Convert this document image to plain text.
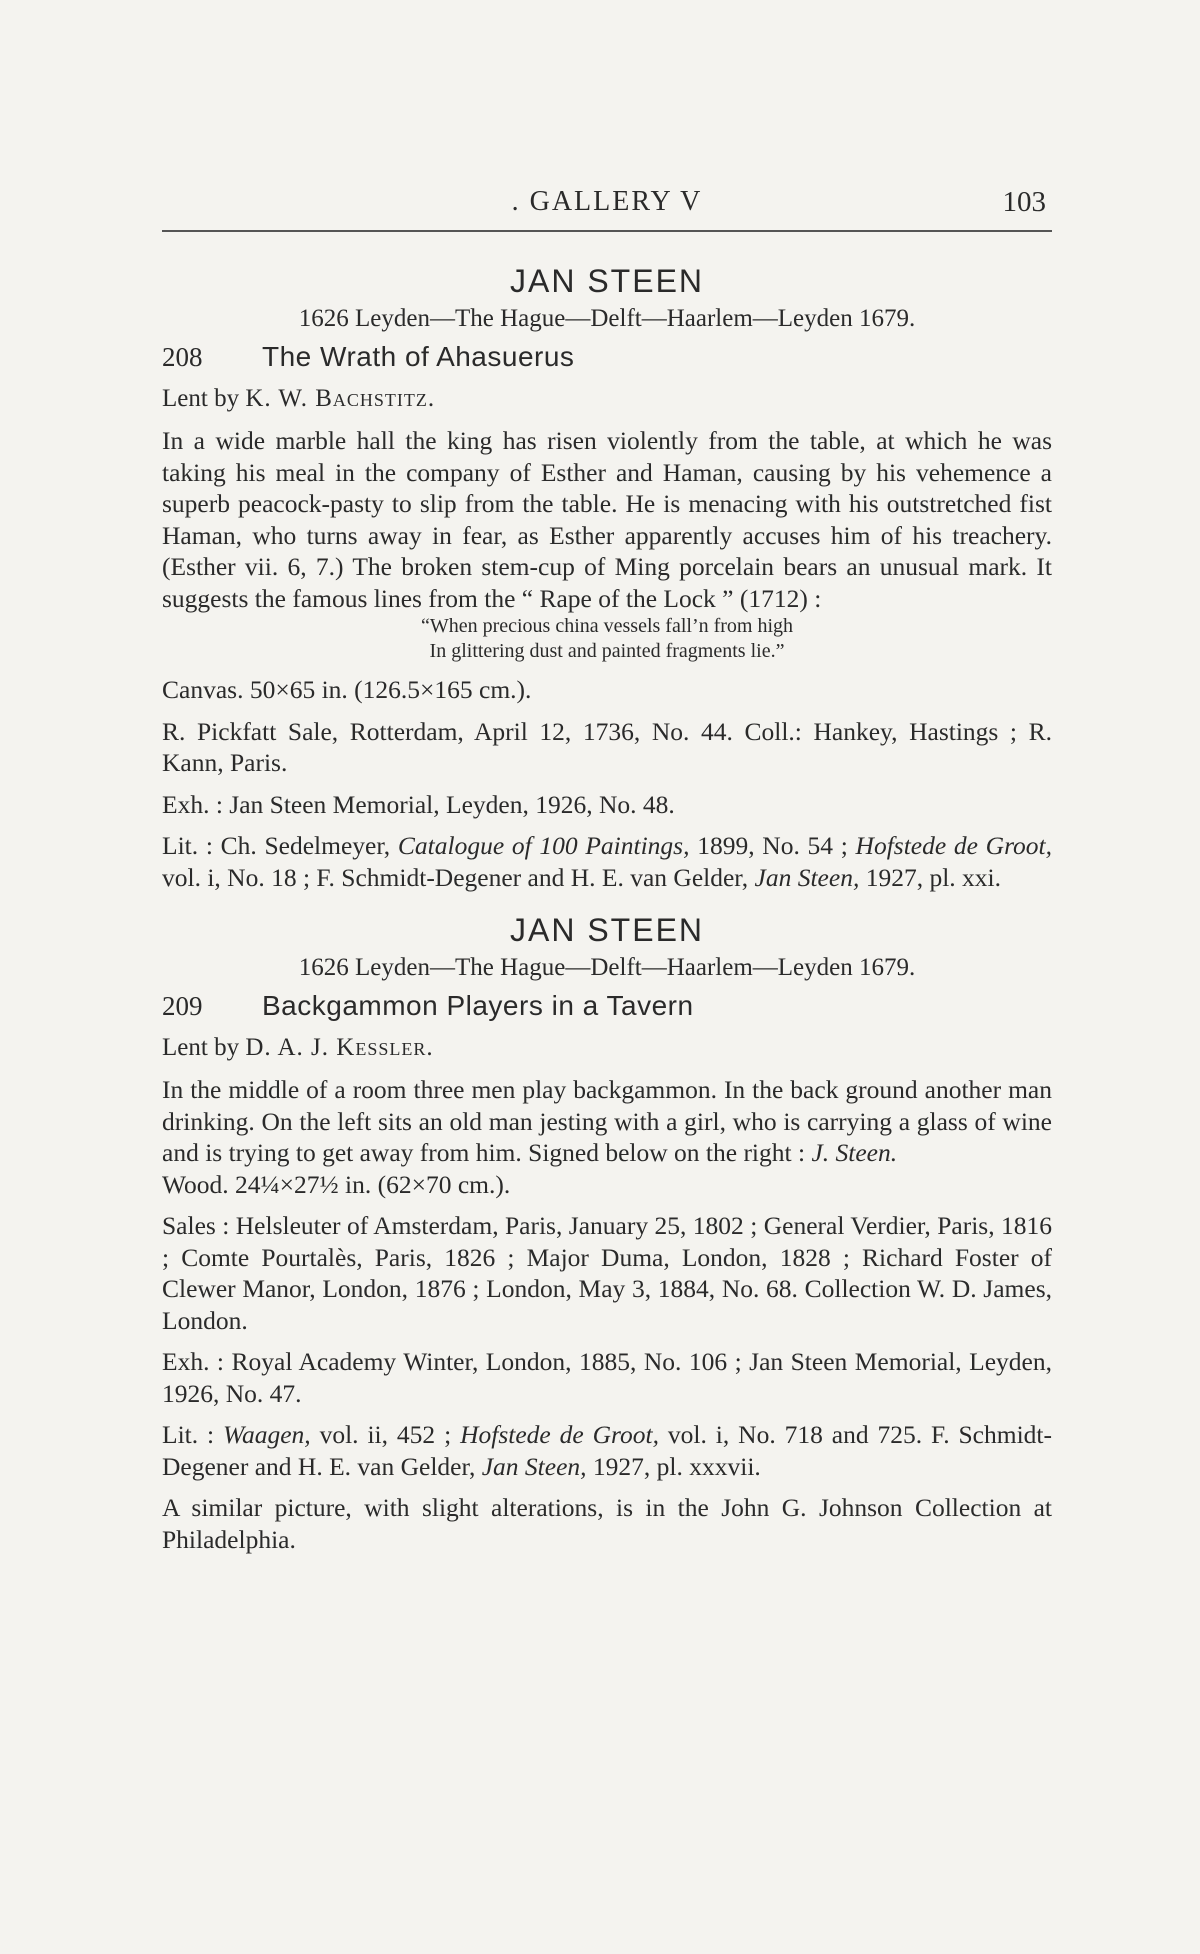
. GALLERY V	103
JAN STEEN
1626 Leyden—The Hague—Delft—Haarlem—Leyden 1679.
208	The Wrath of Ahasuerus
Lent by K. W. Bachstitz.

In a wide marble hall the king has risen violently from the table, at which he was taking his meal in the company of Esther and Haman, causing by his vehemence a superb peacock-pasty to slip from the table. He is menacing with his outstretched fist Haman, who turns away in fear, as Esther apparently accuses him of his treachery. (Esther vii. 6, 7.) The broken stem-cup of Ming porcelain bears an unusual mark. It suggests the famous lines from the “ Rape of the Lock ” (1712) :

“When precious china vessels fall’n from high
In glittering dust and painted fragments lie.”

Canvas. 50×65 in. (126.5×165 cm.).

R. Pickfatt Sale, Rotterdam, April 12, 1736, No. 44. Coll.: Hankey, Hastings ; R. Kann, Paris.

Exh. : Jan Steen Memorial, Leyden, 1926, No. 48.

Lit. : Ch. Sedelmeyer, Catalogue of 100 Paintings, 1899, No. 54 ; Hofstede de Groot, vol. i, No. 18 ; F. Schmidt-Degener and H. E. van Gelder, Jan Steen, 1927, pl. xxi.

JAN STEEN
1626 Leyden—The Hague—Delft—Haarlem—Leyden 1679.
209	Backgammon Players in a Tavern
Lent by D. A. J. Kessler.

In the middle of a room three men play backgammon. In the back ground another man drinking. On the left sits an old man jesting with a girl, who is carrying a glass of wine and is trying to get away from him. Signed below on the right : J. Steen.

Wood. 24¼×27½ in. (62×70 cm.).

Sales : Helsleuter of Amsterdam, Paris, January 25, 1802 ; General Verdier, Paris, 1816 ; Comte Pourtalès, Paris, 1826 ; Major Duma, London, 1828 ; Richard Foster of Clewer Manor, London, 1876 ; London, May 3, 1884, No. 68. Collection W. D. James, London.

Exh. : Royal Academy Winter, London, 1885, No. 106 ; Jan Steen Memorial, Leyden, 1926, No. 47.

Lit. : Waagen, vol. ii, 452 ; Hofstede de Groot, vol. i, No. 718 and 725. F. Schmidt-Degener and H. E. van Gelder, Jan Steen, 1927, pl. xxxvii.

A similar picture, with slight alterations, is in the John G. Johnson Collection at Philadelphia.
